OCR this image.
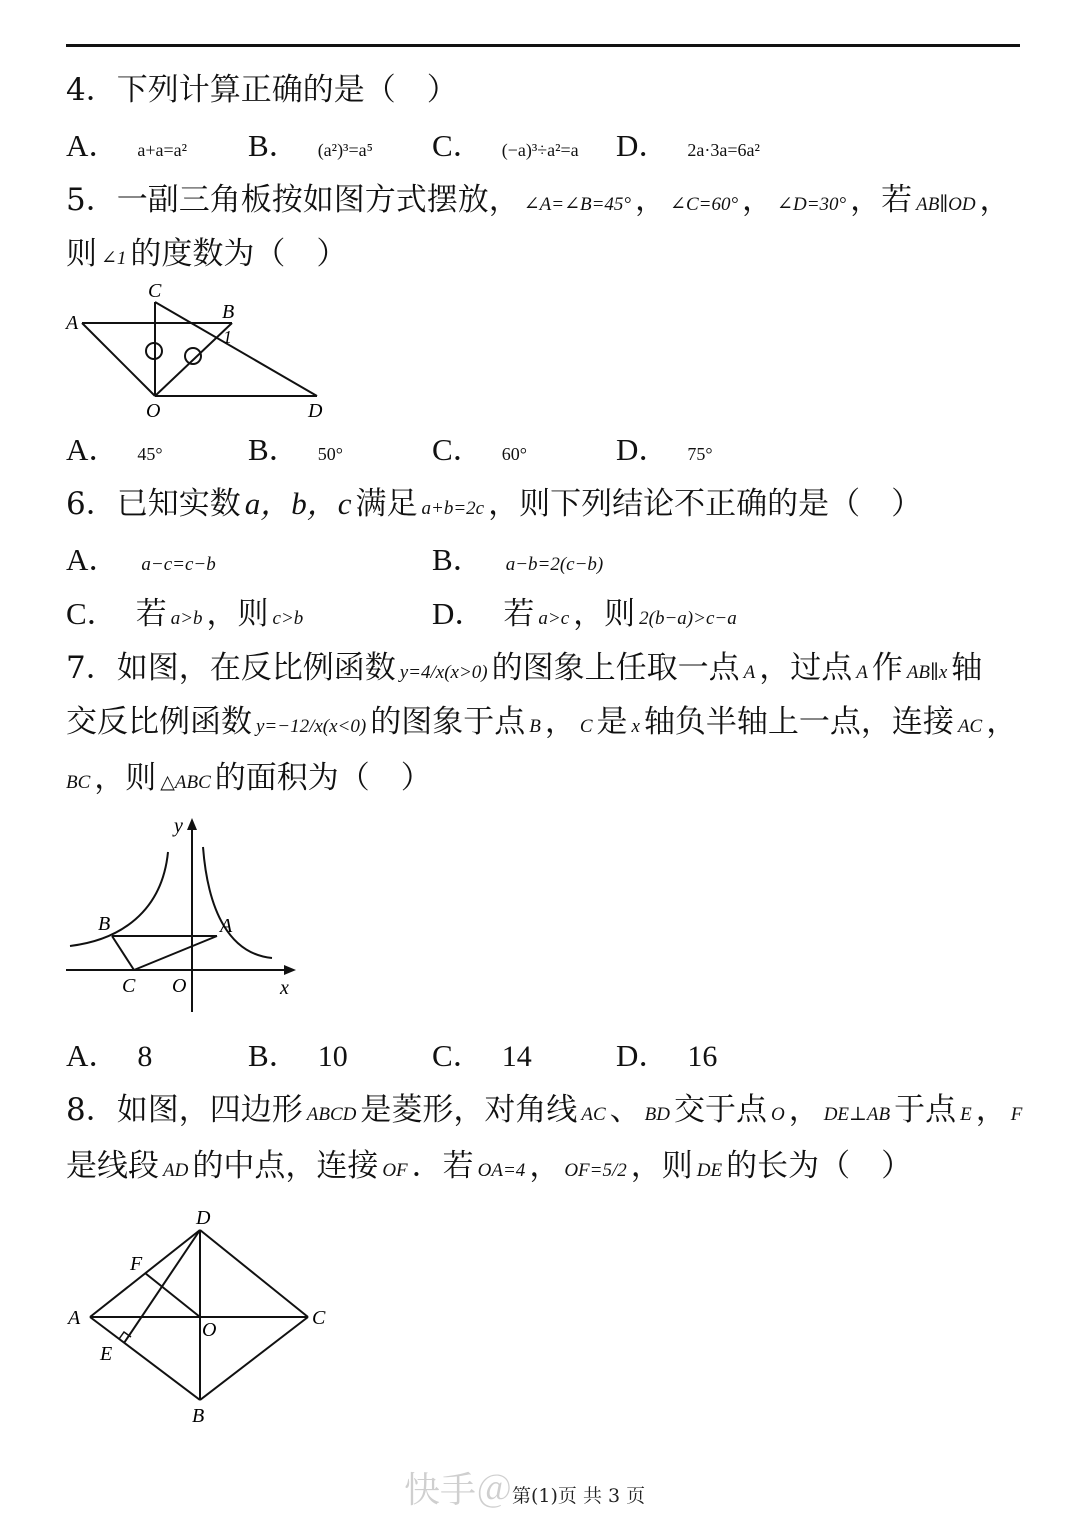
4．下列计算正确的是（　）
A． a+a=a² B． (a²)³=a⁵ C． (−a)³÷a²=a D． 2a·3a=6a²
5．一副三角板按如图方式摆放， ∠A=∠B=45° ， ∠C=60° ， ∠D=30° ，若 AB∥OD ，
则 ∠1 的度数为（　）
A
C
B
1
O	D
A． 45°	B． 50°	C． 60°	D． 75°
6．已知实数 a，b，c 满足 a+b=2c ，则下列结论不正确的是（　）
A． a−c=c−b	B． a−b=2(c−b)
C． 若 a>b ，则 c>b	D． 若 a>c ，则 2(b−a)>c−a
7．如图，在反比例函数 y=4/x(x>0) 的图象上任取一点 A ，过点 A 作 AB∥x 轴
交反比例函数 y=−12/x(x<0) 的图象于点 B ， C 是 x 轴负半轴上一点，连接 AC ，
BC ，则 △ABC 的面积为（　）
y
x
B	A
C O
A． 8	B． 10	C． 14	D． 16
8．如图，四边形 ABCD 是菱形，对角线 AC 、 BD 交于点 O ， DE⊥AB 于点 E ， F
是线段 AD 的中点，连接 OF ．若 OA=4 ， OF=5/2 ，则 DE 的长为（　）
D
F
A
O
C
E
B
快手＠第(1)页 共 3 页
